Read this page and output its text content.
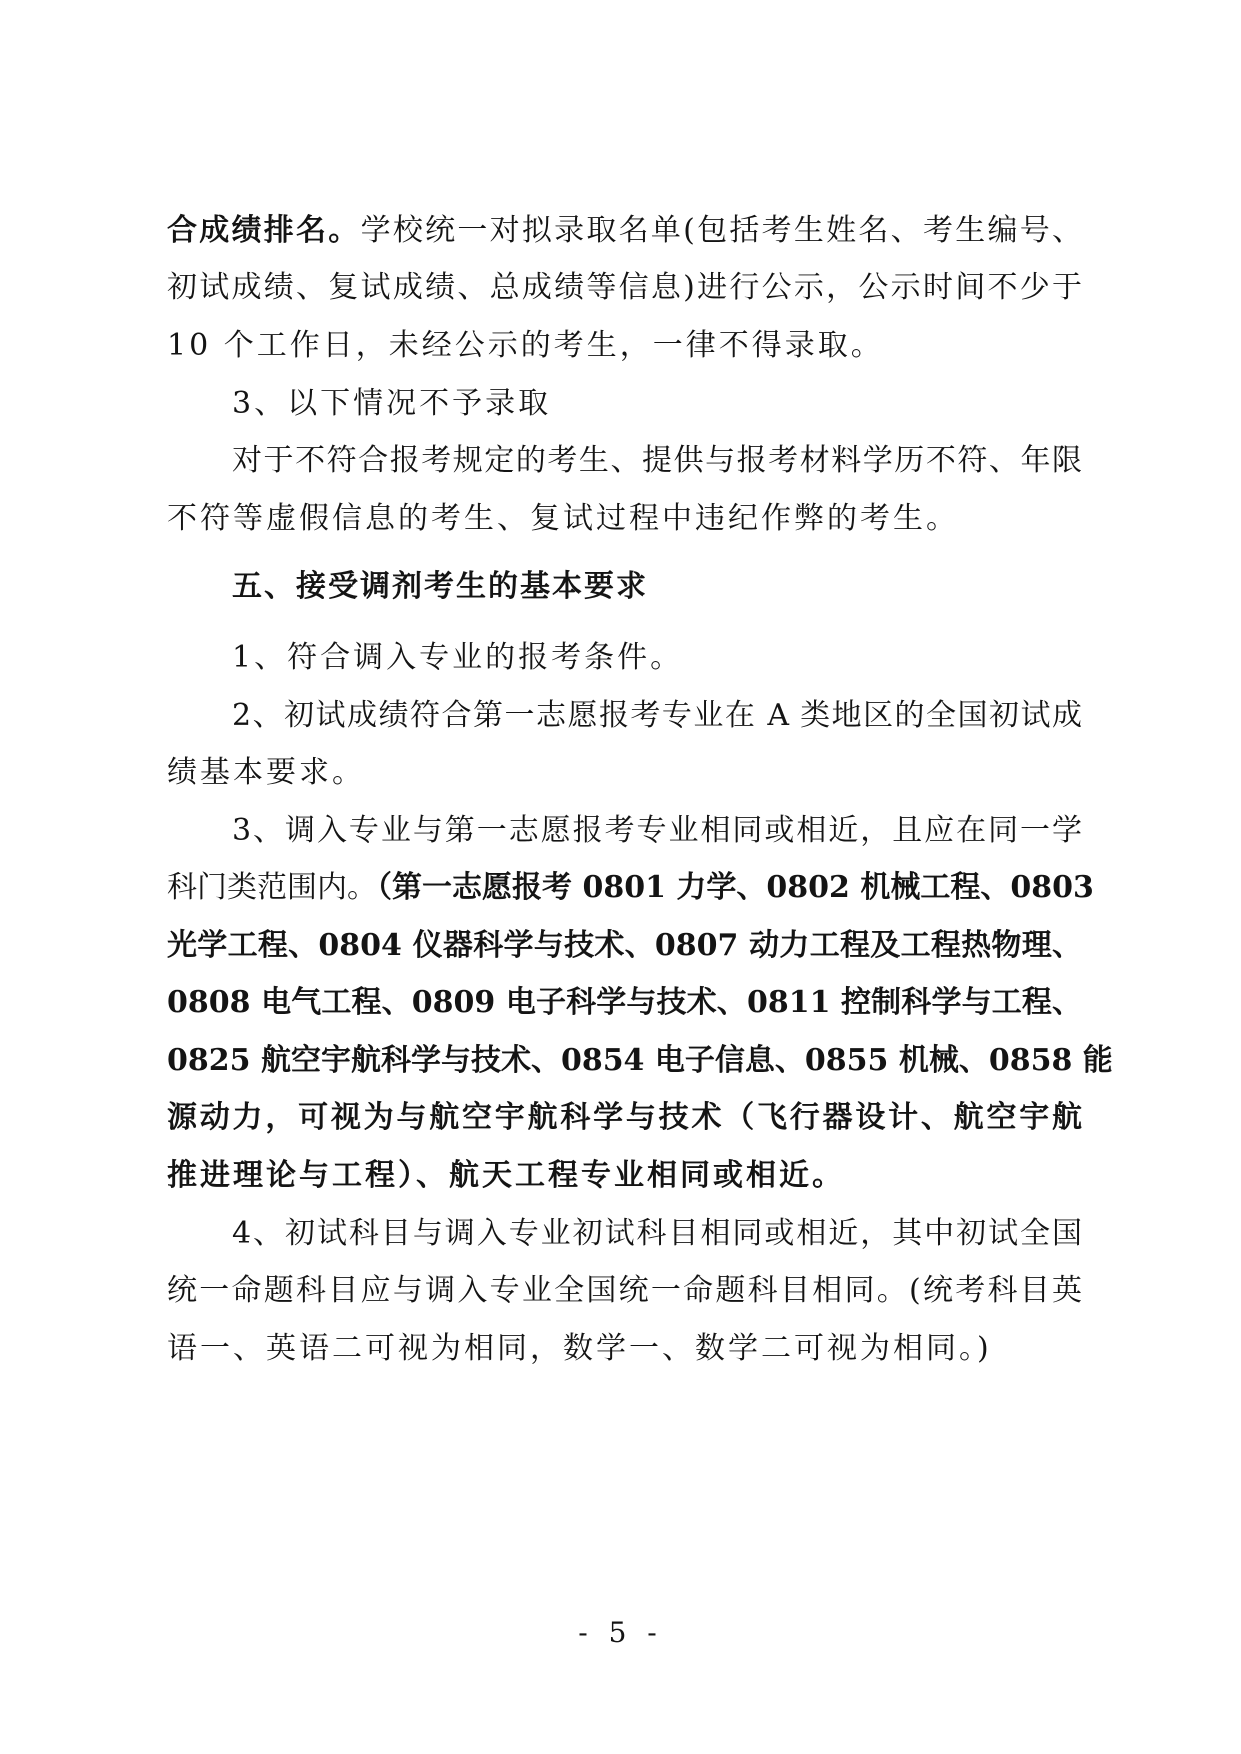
合成绩排名。学校统一对拟录取名单(包括考生姓名、考生编号、
初试成绩、复试成绩、总成绩等信息)进行公示，公示时间不少于
10 个工作日，未经公示的考生，一律不得录取。
3、以下情况不予录取
对于不符合报考规定的考生、提供与报考材料学历不符、年限
不符等虚假信息的考生、复试过程中违纪作弊的考生。
五、接受调剂考生的基本要求
1、符合调入专业的报考条件。
2、初试成绩符合第一志愿报考专业在 A 类地区的全国初试成
绩基本要求。
3、调入专业与第一志愿报考专业相同或相近，且应在同一学
科门类范围内。（第一志愿报考 0801 力学、0802 机械工程、0803
光学工程、0804 仪器科学与技术、0807 动力工程及工程热物理、
0808 电气工程、0809 电子科学与技术、0811 控制科学与工程、
0825 航空宇航科学与技术、0854 电子信息、0855 机械、0858 能
源动力，可视为与航空宇航科学与技术（飞行器设计、航空宇航
推进理论与工程）、航天工程专业相同或相近。
4、初试科目与调入专业初试科目相同或相近，其中初试全国
统一命题科目应与调入专业全国统一命题科目相同。(统考科目英
语一、英语二可视为相同，数学一、数学二可视为相同。)
- 5 -
